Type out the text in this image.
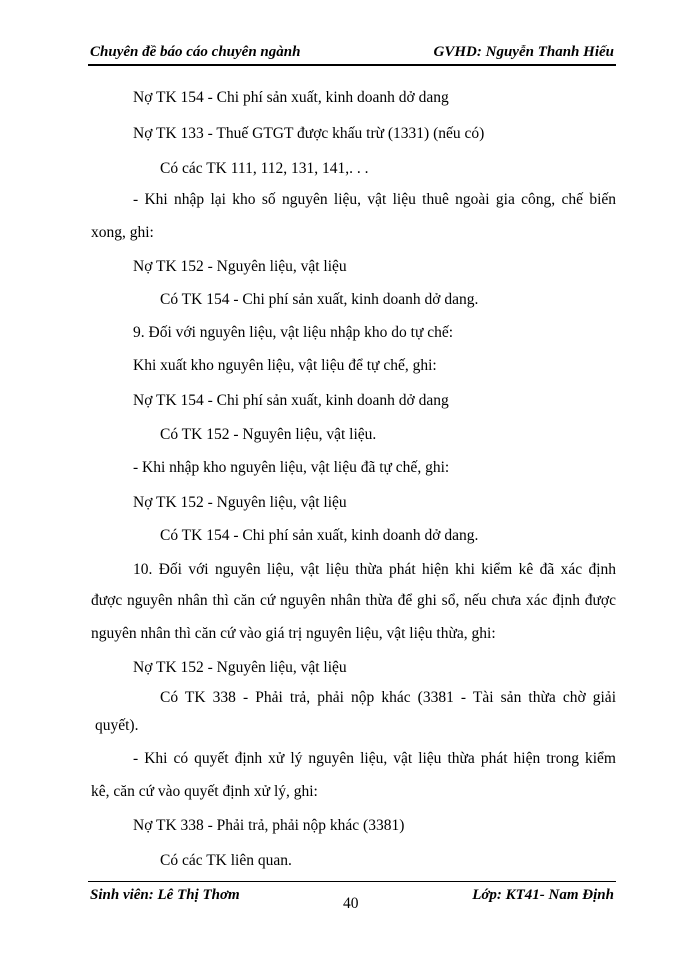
Chuyên đề báo cáo chuyên ngành	GVHD: Nguyễn Thanh Hiếu
Nợ TK 154 - Chi phí sản xuất, kinh doanh dở dang
Nợ TK 133 - Thuế GTGT được khấu trừ (1331) (nếu có)
Có các TK 111, 112, 131, 141,. . .
- Khi nhập lại kho số nguyên liệu, vật liệu thuê ngoài gia công, chế biến
xong, ghi:
Nợ TK 152 - Nguyên liệu, vật liệu
Có TK 154 - Chi phí sản xuất, kinh doanh dở dang.
9. Đối với nguyên liệu, vật liệu nhập kho do tự chế:
Khi xuất kho nguyên liệu, vật liệu để tự chế, ghi:
Nợ TK 154 - Chi phí sản xuất, kinh doanh dở dang
Có TK 152 - Nguyên liệu, vật liệu.
- Khi nhập kho nguyên liệu, vật liệu đã tự chế, ghi:
Nợ TK 152 - Nguyên liệu, vật liệu
Có TK 154 - Chi phí sản xuất, kinh doanh dở dang.
10. Đối với nguyên liệu, vật liệu thừa phát hiện khi kiểm kê đã xác định
được nguyên nhân thì căn cứ nguyên nhân thừa để ghi sổ, nếu chưa xác định được
nguyên nhân thì căn cứ vào giá trị nguyên liệu, vật liệu thừa, ghi:
Nợ TK 152 - Nguyên liệu, vật liệu
Có TK 338 - Phải trả, phải nộp khác (3381 - Tài sản thừa chờ giải
quyết).
- Khi có quyết định xử lý nguyên liệu, vật liệu thừa phát hiện trong kiểm
kê, căn cứ vào quyết định xử lý, ghi:
Nợ TK 338 - Phải trả, phải nộp khác (3381)
Có các TK liên quan.
Sinh viên: Lê Thị Thơm	Lớp: KT41- Nam Định
40
